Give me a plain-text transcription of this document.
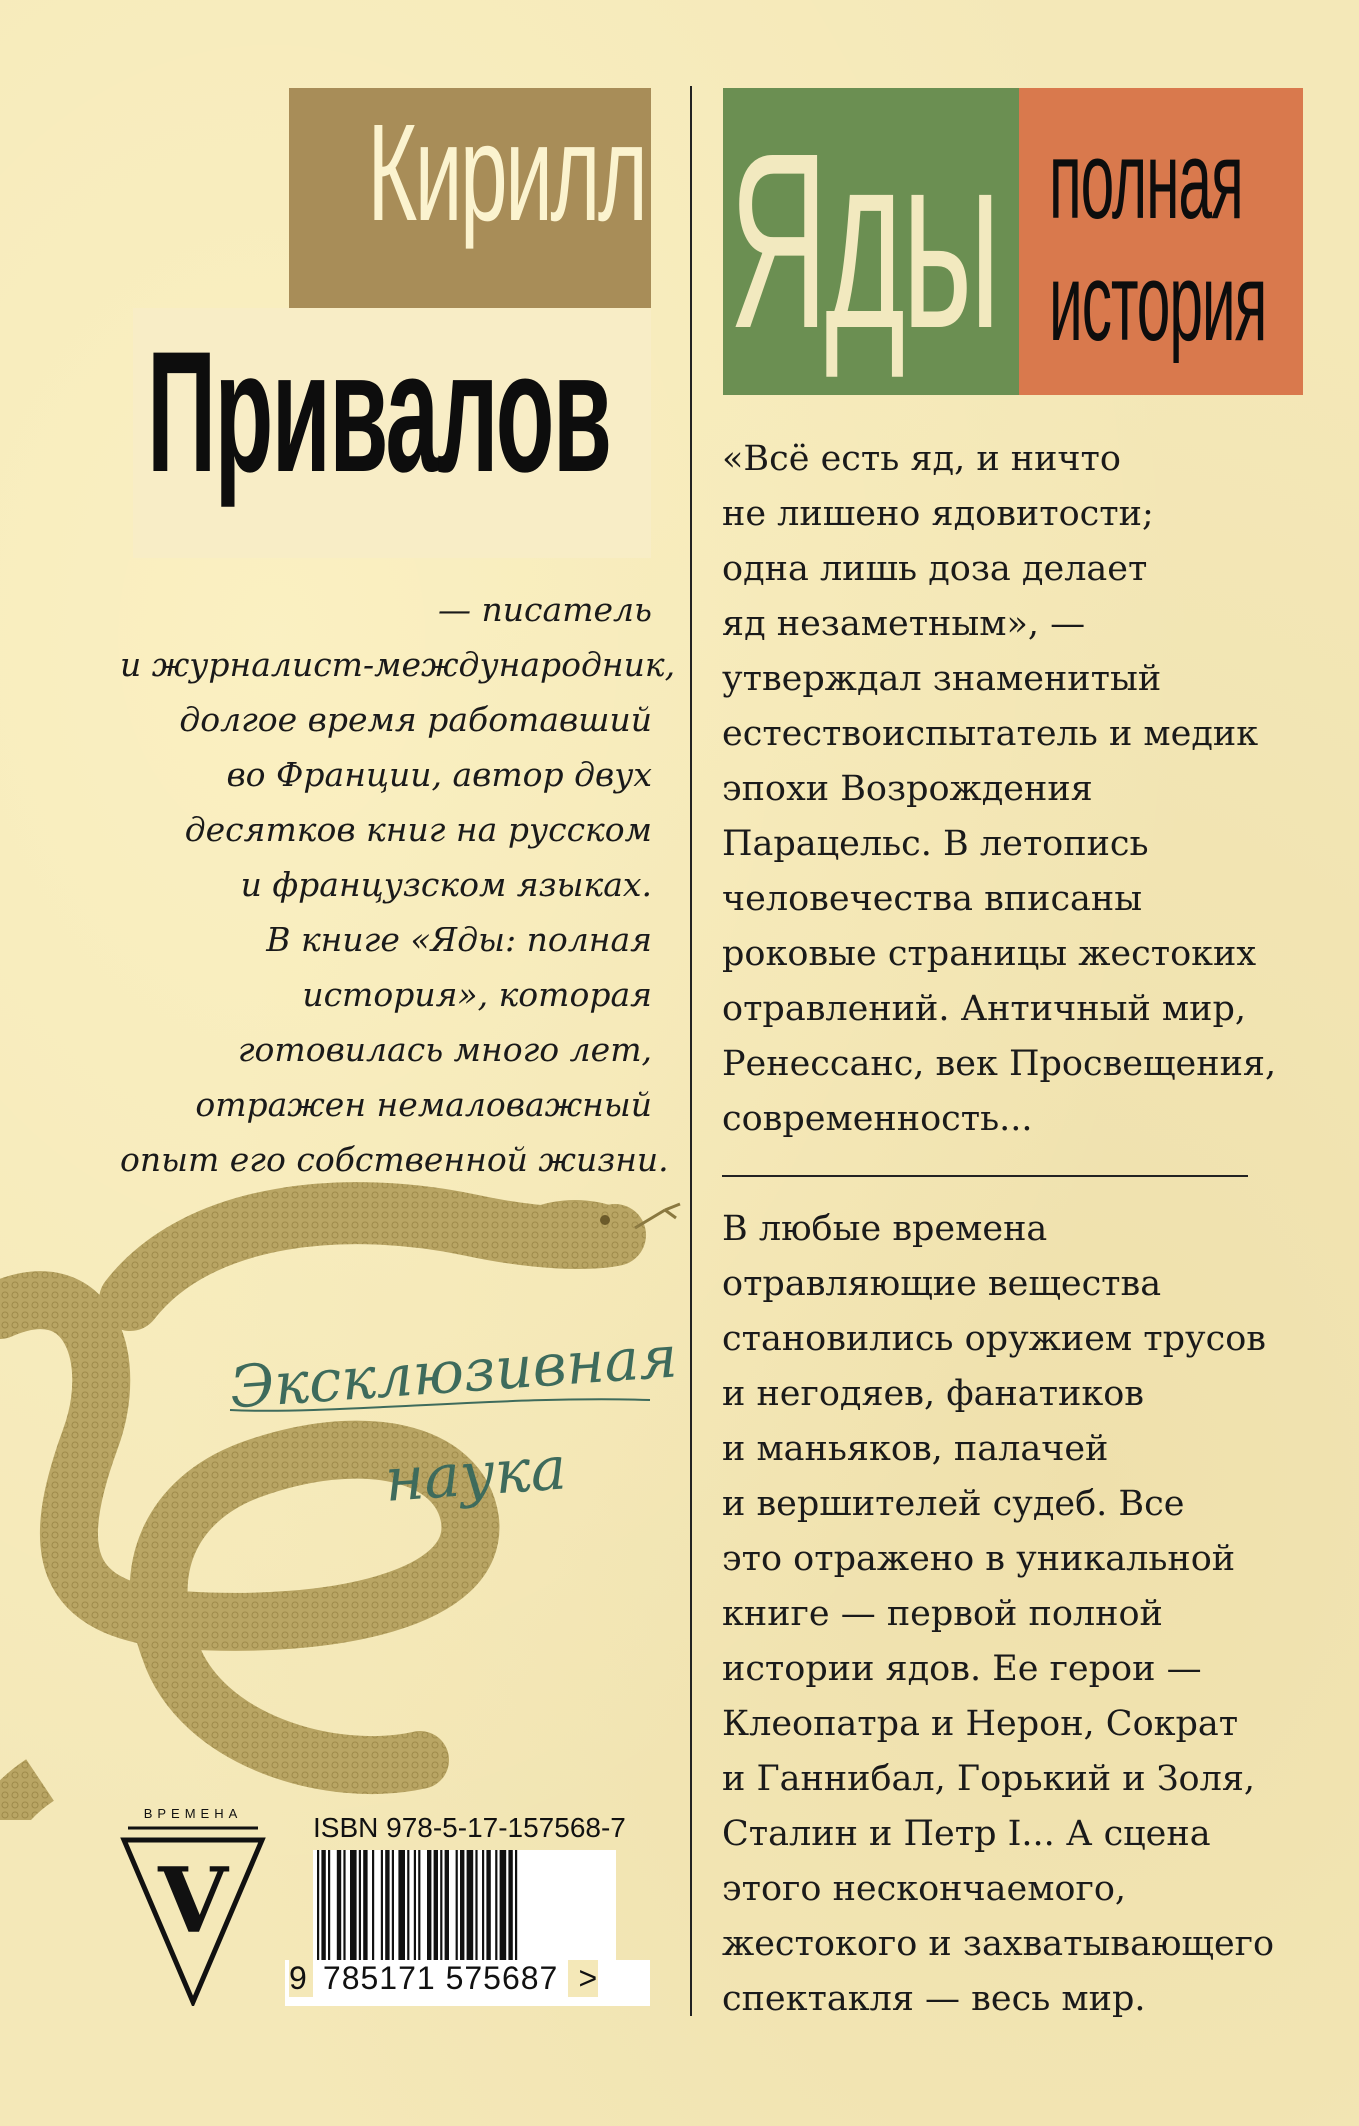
Эксклюзивная
наука
Кирилл
Привалов
— писатель
и журналист-международник,
долгое время работавший
во Франции, автор двух
десятков книг на русском
и французском языках.
В книге «Яды: полная
история», которая
готовилась много лет,
отражен немаловажный
опыт его собственной жизни.
Яды полная
история
«Всё есть яд, и ничто
не лишено ядовитости;
одна лишь доза делает
яд незаметным», —
утверждал знаменитый
естествоиспытатель и медик
эпохи Возрождения
Парацельс. В летопись
человечества вписаны
роковые страницы жестоких
отравлений. Античный мир,
Ренессанс, век Просвещения,
современность...
В любые времена
отравляющие вещества
становились оружием трусов
и негодяев, фанатиков
и маньяков, палачей
и вершителей судеб. Все
это отражено в уникальной
книге — первой полной
истории ядов. Ее герои —
Клеопатра и Нерон, Сократ
и Ганнибал, Горький и Золя,
Сталин и Петр I... А сцена
этого нескончаемого,
жестокого и захватывающего
спектакля — весь мир.
ВРЕМЕНА
V
ISBN 978-5-17-157568-7
9 785171 575687 >
